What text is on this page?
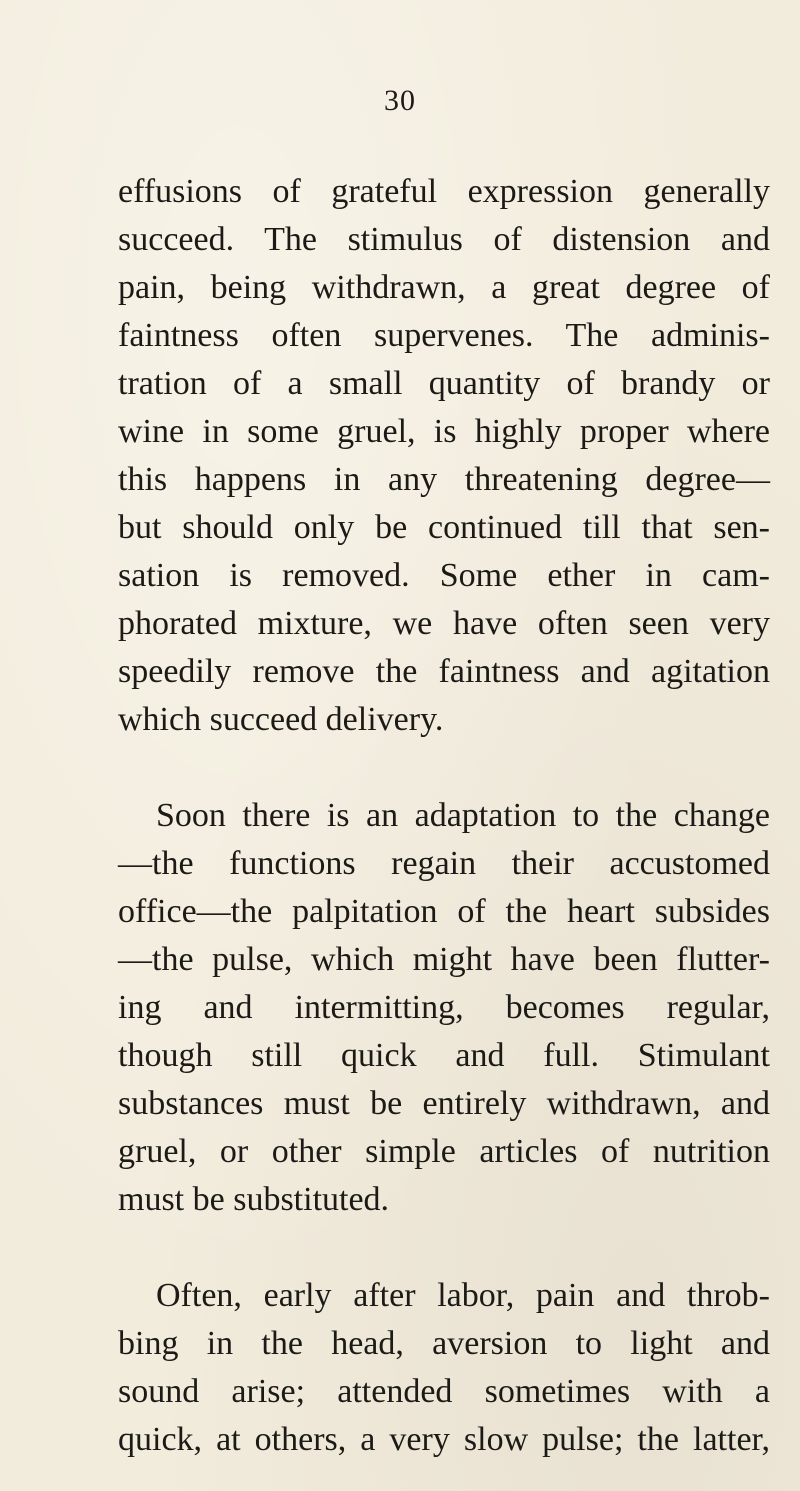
30
effusions of grateful expression generally
succeed. The stimulus of distension and
pain, being withdrawn, a great degree of
faintness often supervenes. The adminis-
tration of a small quantity of brandy or
wine in some gruel, is highly proper where
this happens in any threatening degree—
but should only be continued till that sen-
sation is removed. Some ether in cam-
phorated mixture, we have often seen very
speedily remove the faintness and agitation
which succeed delivery.
Soon there is an adaptation to the change
—the functions regain their accustomed
office—the palpitation of the heart subsides
—the pulse, which might have been flutter-
ing and intermitting, becomes regular,
though still quick and full. Stimulant
substances must be entirely withdrawn, and
gruel, or other simple articles of nutrition
must be substituted.
Often, early after labor, pain and throb-
bing in the head, aversion to light and
sound arise; attended sometimes with a
quick, at others, a very slow pulse; the latter,
